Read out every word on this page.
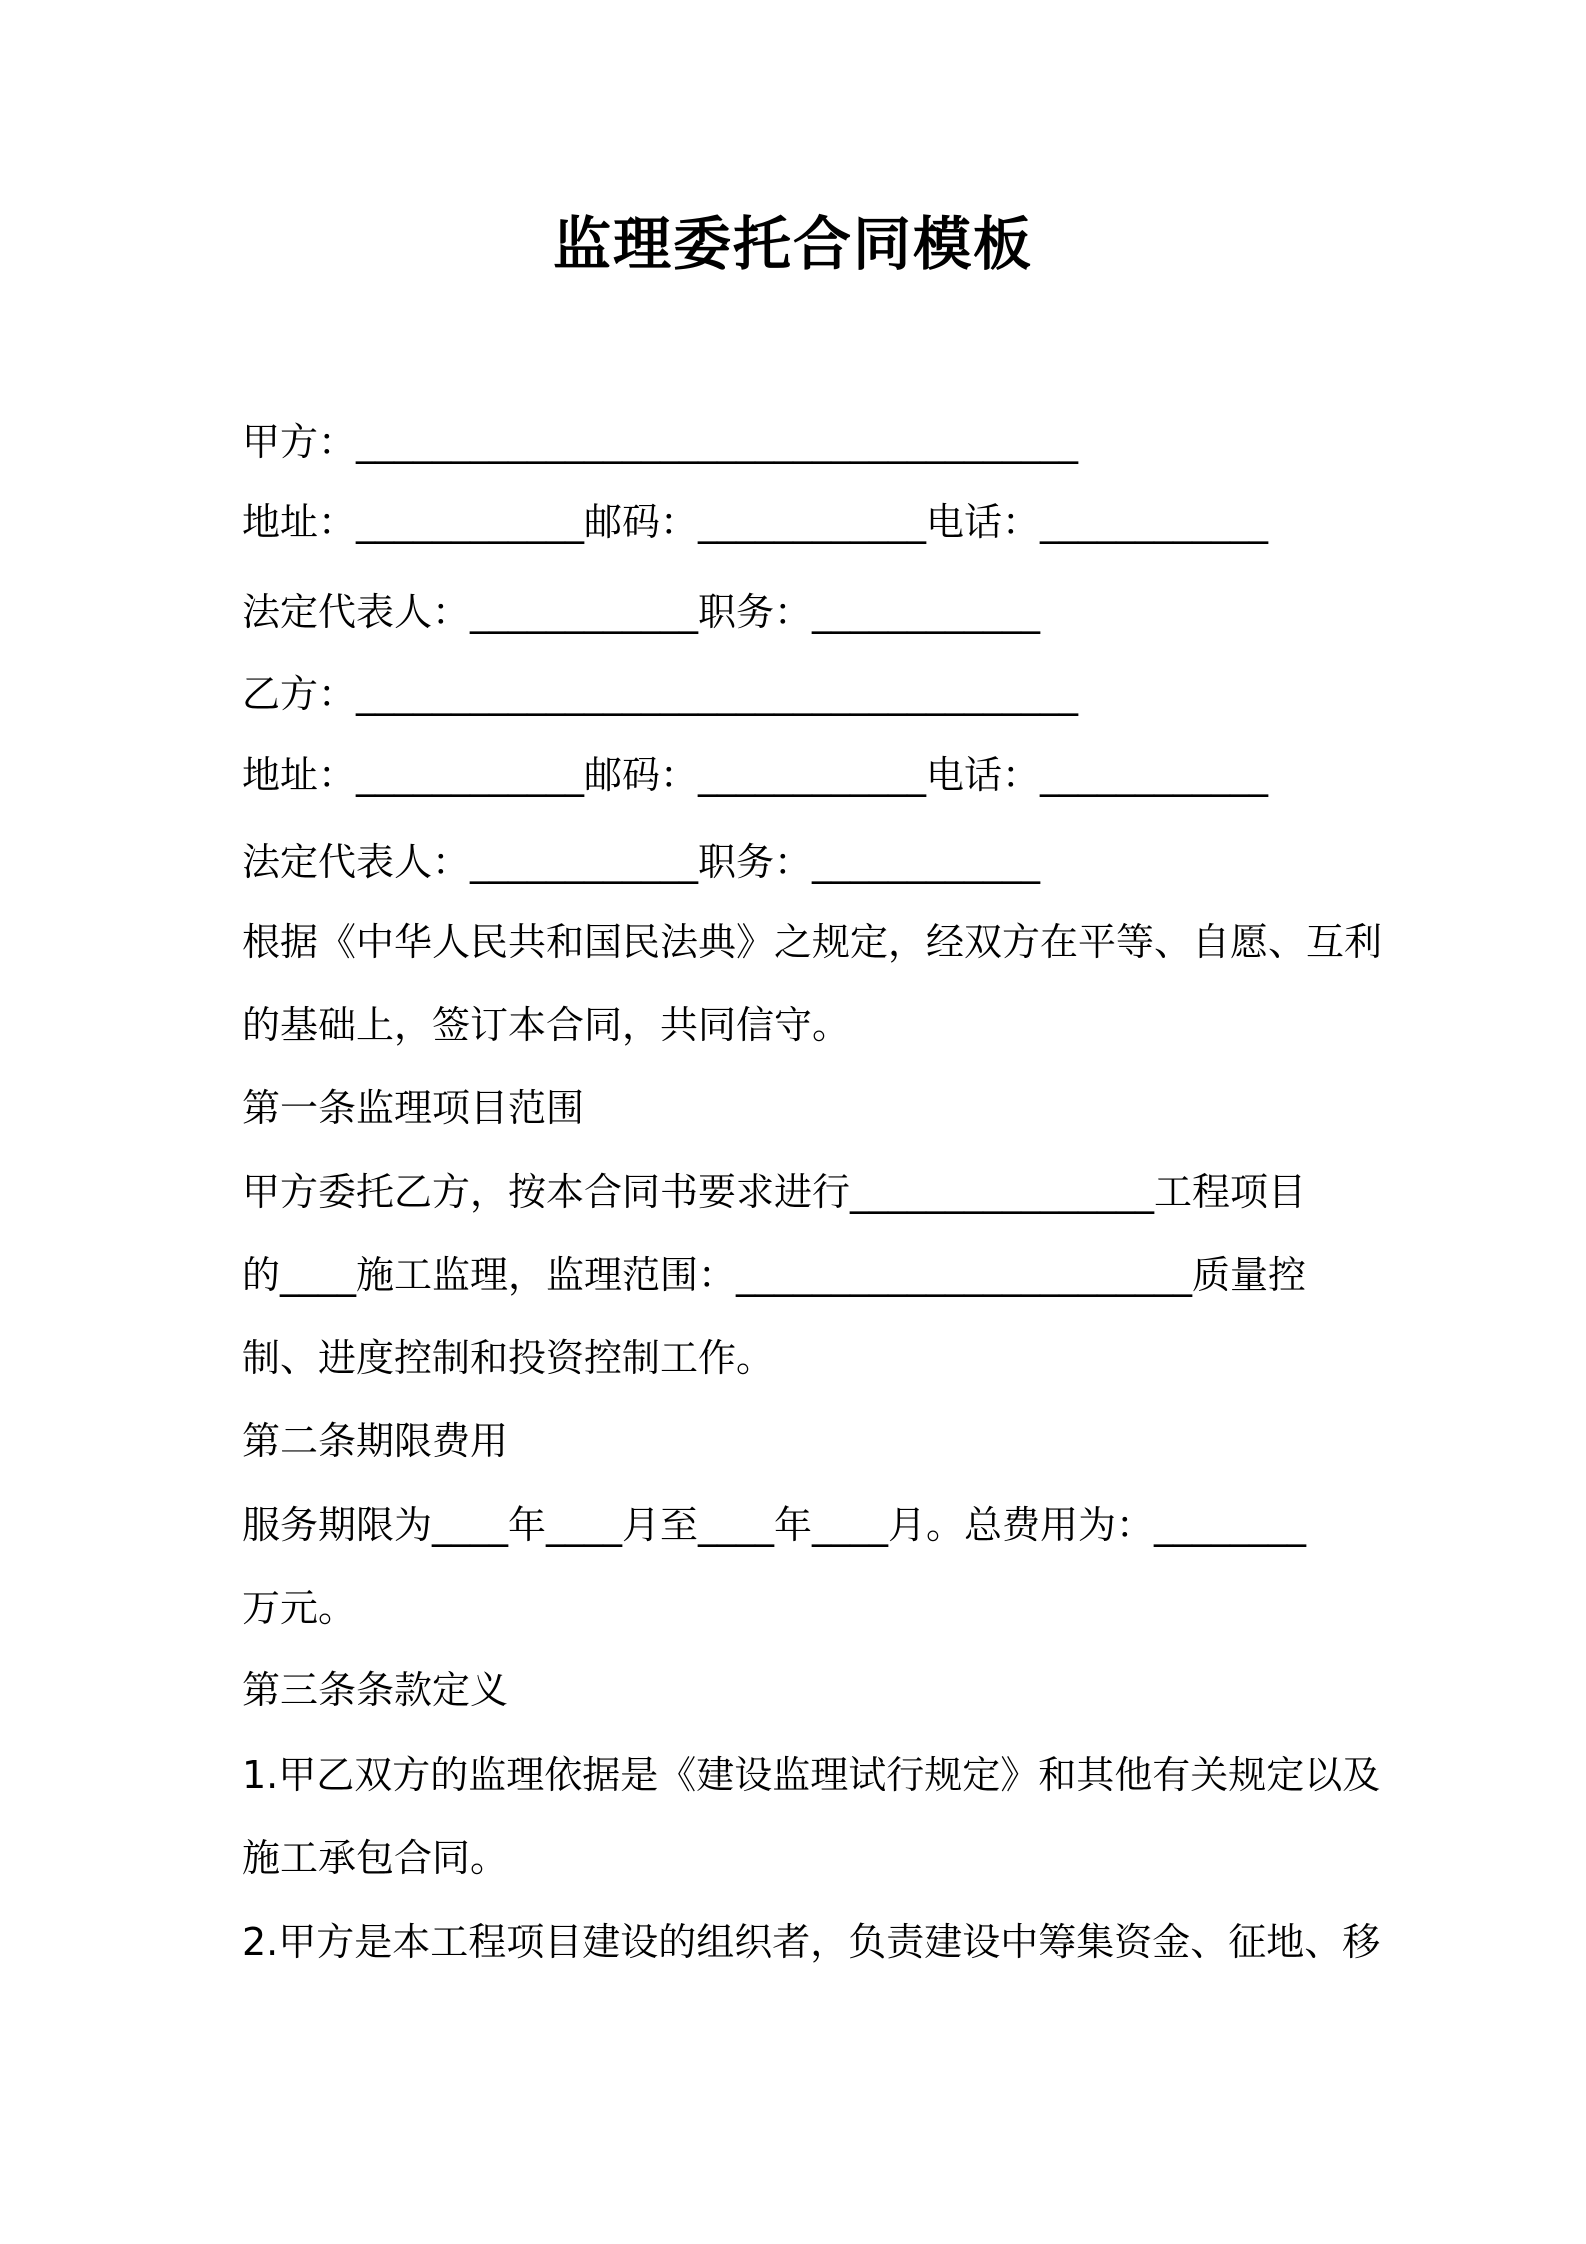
监理委托合同模板
甲方：______________________________________
地址：____________邮码：____________电话：____________
法定代表人：____________职务：____________
乙方：______________________________________
地址：____________邮码：____________电话：____________
法定代表人：____________职务：____________
根据《中华人民共和国民法典》之规定，经双方在平等、自愿、互利
的基础上，签订本合同，共同信守。
第一条监理项目范围
甲方委托乙方，按本合同书要求进行________________工程项目
的____施工监理，监理范围：________________________质量控
制、进度控制和投资控制工作。
第二条期限费用
服务期限为____年____月至____年____月。总费用为：________
万元。
第三条条款定义
1.甲乙双方的监理依据是《建设监理试行规定》和其他有关规定以及
施工承包合同。
2.甲方是本工程项目建设的组织者，负责建设中筹集资金、征地、移
